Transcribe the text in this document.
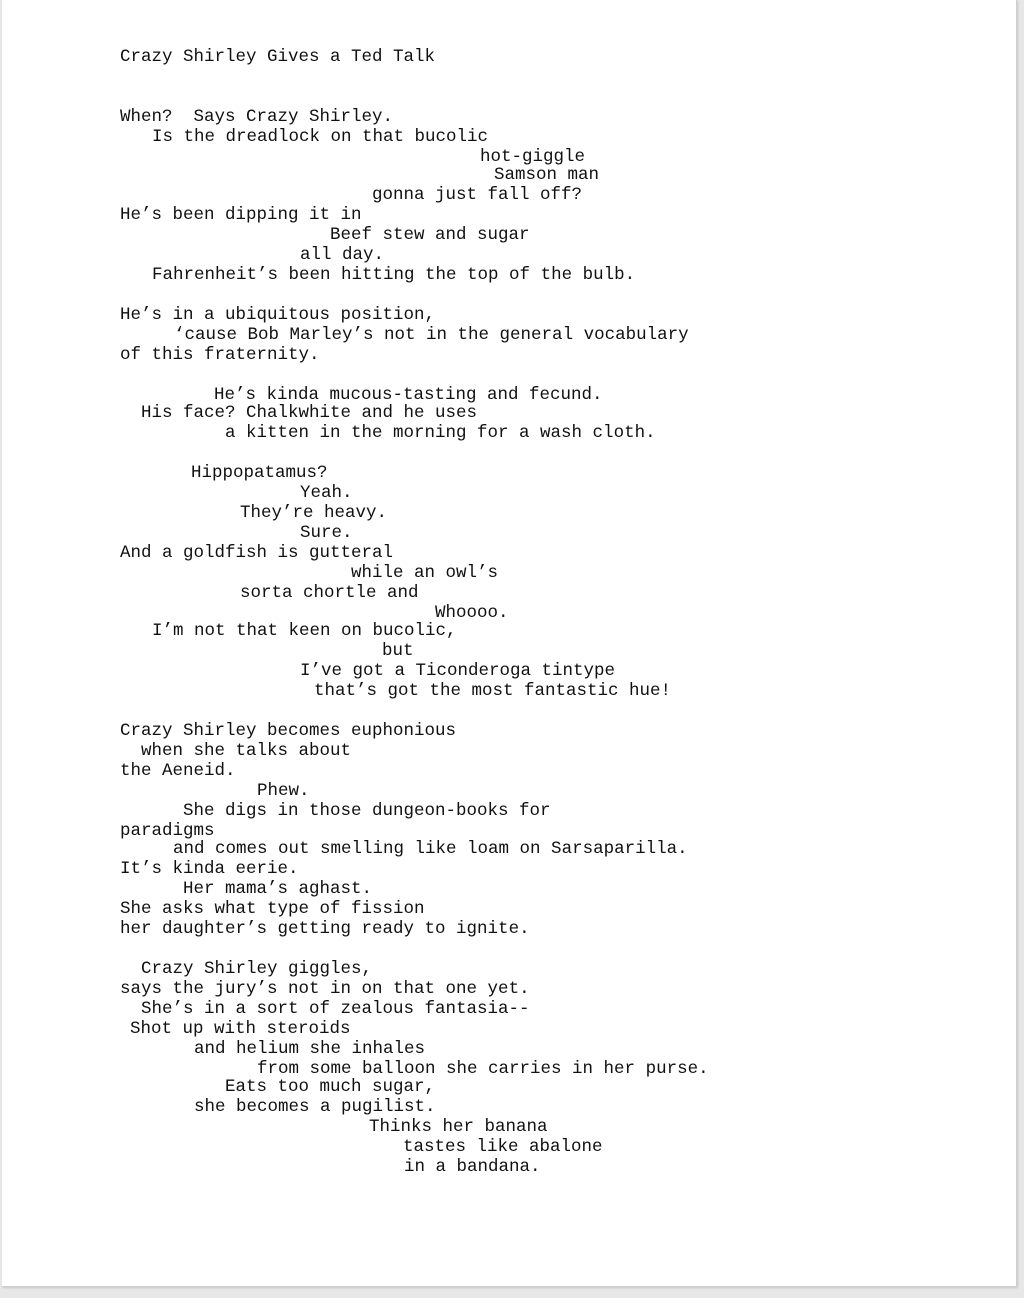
Crazy Shirley Gives a Ted Talk

When?  Says Crazy Shirley.

Is the dreadlock on that bucolic

hot-giggle

Samson man

gonna just fall off?

He’s been dipping it in

Beef stew and sugar

all day.

Fahrenheit’s been hitting the top of the bulb.

He’s in a ubiquitous position,

‘cause Bob Marley’s not in the general vocabulary

of this fraternity.

He’s kinda mucous-tasting and fecund.

His face? Chalkwhite and he uses

a kitten in the morning for a wash cloth.

Hippopatamus?

Yeah.

They’re heavy.

Sure.

And a goldfish is gutteral

while an owl’s

sorta chortle and

Whoooo.

I’m not that keen on bucolic,

but

I’ve got a Ticonderoga tintype

that’s got the most fantastic hue!

Crazy Shirley becomes euphonious

when she talks about

the Aeneid.

Phew.

She digs in those dungeon-books for

paradigms

and comes out smelling like loam on Sarsaparilla.

It’s kinda eerie.

Her mama’s aghast.

She asks what type of fission

her daughter’s getting ready to ignite.

Crazy Shirley giggles,

says the jury’s not in on that one yet.

She’s in a sort of zealous fantasia--

Shot up with steroids

and helium she inhales

from some balloon she carries in her purse.

Eats too much sugar,

she becomes a pugilist.

Thinks her banana

tastes like abalone

in a bandana.
